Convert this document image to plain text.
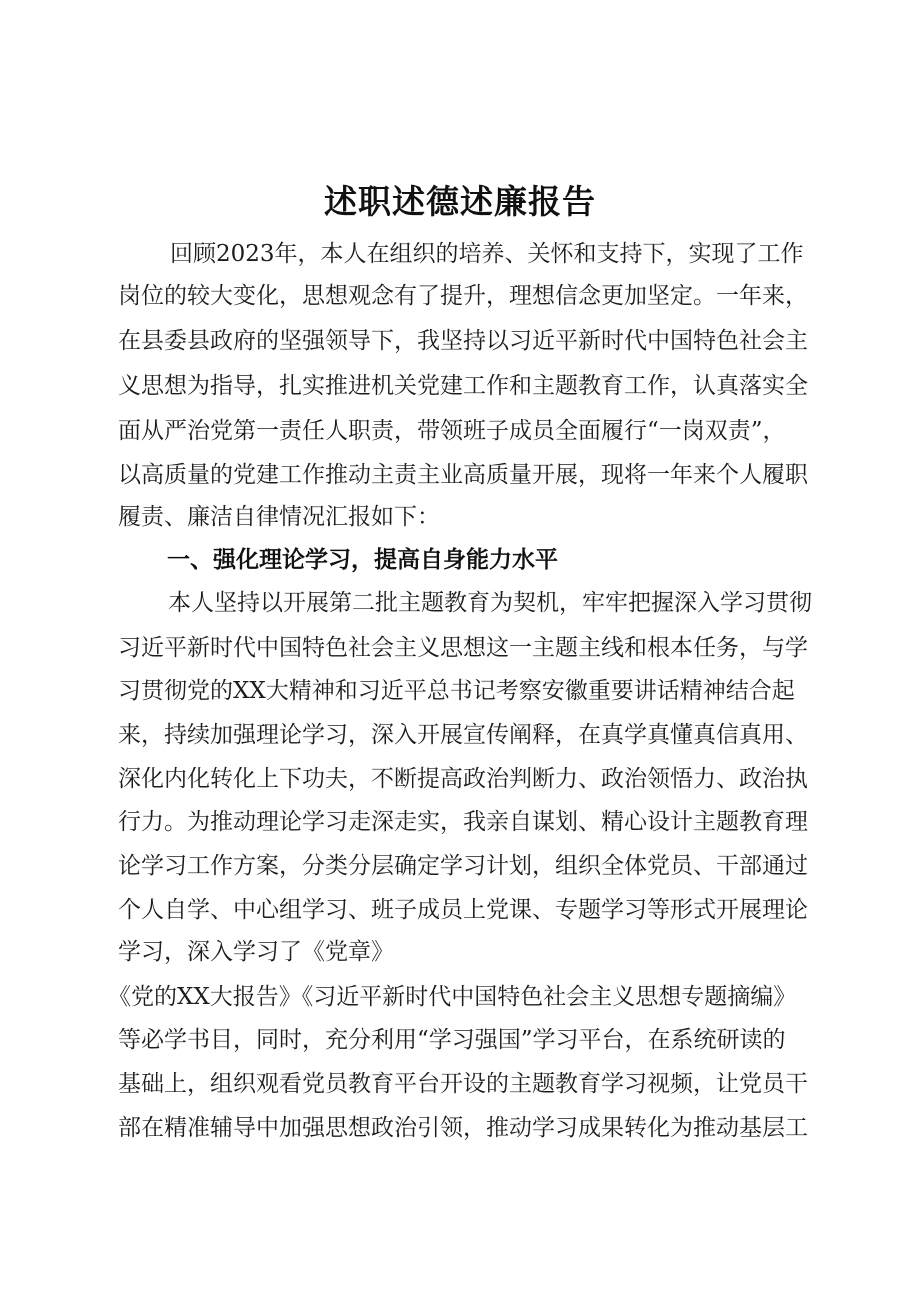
述职述德述廉报告
回顾2023年，本人在组织的培养、关怀和支持下，实现了工作
岗位的较大变化，思想观念有了提升，理想信念更加坚定。一年来，
在县委县政府的坚强领导下，我坚持以习近平新时代中国特色社会主
义思想为指导，扎实推进机关党建工作和主题教育工作，认真落实全
面从严治党第一责任人职责，带领班子成员全面履行“一岗双责”，
以高质量的党建工作推动主责主业高质量开展，现将一年来个人履职
履责、廉洁自律情况汇报如下：
一、强化理论学习，提高自身能力水平
本人坚持以开展第二批主题教育为契机，牢牢把握深入学习贯彻
习近平新时代中国特色社会主义思想这一主题主线和根本任务，与学
习贯彻党的XX大精神和习近平总书记考察安徽重要讲话精神结合起
来，持续加强理论学习，深入开展宣传阐释，在真学真懂真信真用、
深化内化转化上下功夫，不断提高政治判断力、政治领悟力、政治执
行力。为推动理论学习走深走实，我亲自谋划、精心设计主题教育理
论学习工作方案，分类分层确定学习计划，组织全体党员、干部通过
个人自学、中心组学习、班子成员上党课、专题学习等形式开展理论
学习，深入学习了《党章》
《党的XX大报告》《习近平新时代中国特色社会主义思想专题摘编》
等必学书目，同时，充分利用“学习强国”学习平台，在系统研读的
基础上，组织观看党员教育平台开设的主题教育学习视频，让党员干
部在精准辅导中加强思想政治引领，推动学习成果转化为推动基层工
